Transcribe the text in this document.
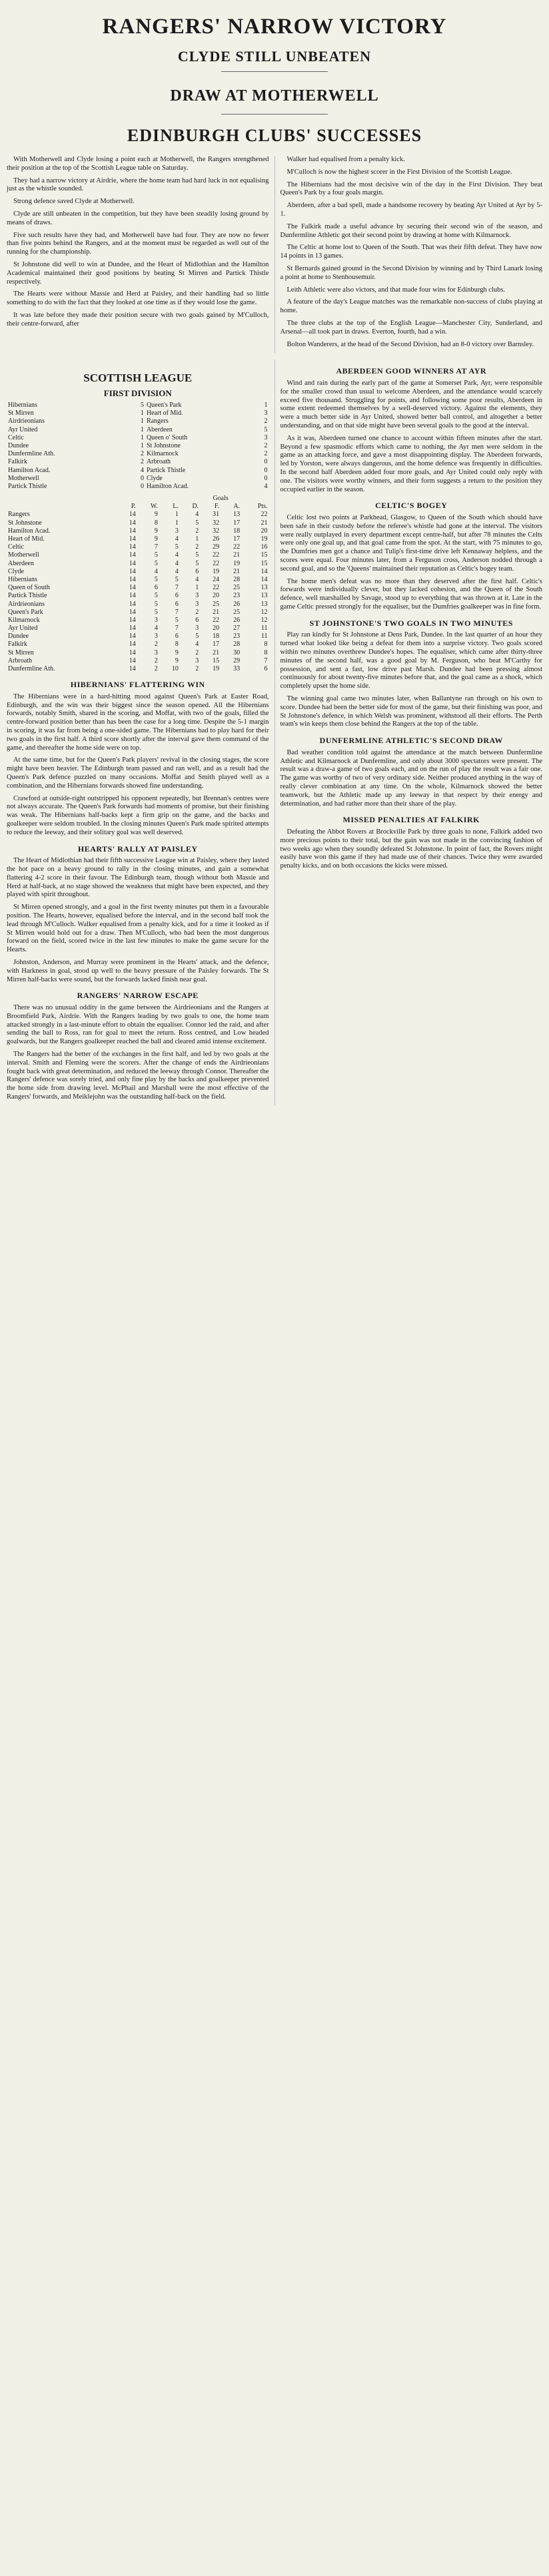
RANGERS' NARROW VICTORY
CLYDE STILL UNBEATEN
DRAW AT MOTHERWELL
EDINBURGH CLUBS' SUCCESSES

With Motherwell and Clyde losing a point each at Motherwell, the Rangers strengthened their position at the top of the Scottish League table on Saturday.

They had a narrow victory at Airdrie, where the home team had hard luck in not equalising just as the whistle sounded.

Strong defence saved Clyde at Motherwell.

Clyde are still unbeaten in the competition, but they have been steadily losing ground by means of draws.

Five such results have they had, and Motherwell have had four. They are now no fewer than five points behind the Rangers, and at the moment must be regarded as well out of the running for the championship.

St Johnstone did well to win at Dundee, and the Heart of Midlothian and the Hamilton Academical maintained their good positions by beating St Mirren and Partick Thistle respectively.

The Hearts were without Massie and Herd at Paisley, and their handling had so little something to do with the fact that they looked at one time as if they would lose the game.

It was late before they made their position secure with two goals gained by M'Culloch, their centre-forward, after

Walker had equalised from a penalty kick.

M'Culloch is now the highest scorer in the First Division of the Scottish League.

The Hibernians had the most decisive win of the day in the First Division. They beat Queen's Park by a four goals margin.

Aberdeen, after a bad spell, made a handsome recovery by beating Ayr United at Ayr by 5-1.

The Falkirk made a useful advance by securing their second win of the season, and Dunfermline Athletic got their second point by drawing at home with Kilmarnock.

The Celtic at home lost to Queen of the South. That was their fifth defeat. They have now 14 points in 13 games.

St Bernards gained ground in the Second Division by winning and by Third Lanark losing a point at home to Stenhousemuir.

Leith Athletic were also victors, and that made four wins for Edinburgh clubs.

A feature of the day's League matches was the remarkable non-success of clubs playing at home.

The three clubs at the top of the English League—Manchester City, Sunderland, and Arsenal—all took part in draws. Everton, fourth, had a win.

Bolton Wanderers, at the head of the Second Division, had an 8-0 victory over Barnsley.

SCOTTISH LEAGUE
FIRST DIVISION
Hibernians	5	Queen's Park	1
St Mirren	1	Heart of Mid.	3
Airdrieonians	1	Rangers	2
Ayr United	1	Aberdeen	5
Celtic	1	Queen o' South	3
Dundee	1	St Johnstone	2
Dunfermline Ath.	2	Kilmarnock	2
Falkirk	2	Arbroath	0
Hamilton Acad.	4	Partick Thistle	0
Motherwell	0	Clyde	0
Partick Thistle	0	Hamilton Acad.	4
					Goals		
	P.	W.	L.	D.	F.	A.	Pts.
Rangers	14	9	1	4	31	13	22
St Johnstone	14	8	1	5	32	17	21
Hamilton Acad.	14	9	3	2	32	18	20
Heart of Mid.	14	9	4	1	26	17	19
Celtic	14	7	5	2	29	22	16
Motherwell	14	5	4	5	22	21	15
Aberdeen	14	5	4	5	22	19	15
Clyde	14	4	4	6	19	21	14
Hibernians	14	5	5	4	24	28	14
Queen of South	14	6	7	1	22	25	13
Partick Thistle	14	5	6	3	20	23	13
Airdrieonians	14	5	6	3	25	26	13
Queen's Park	14	5	7	2	21	25	12
Kilmarnock	14	3	5	6	22	26	12
Ayr United	14	4	7	3	20	27	11
Dundee	14	3	6	5	18	23	11
Falkirk	14	2	8	4	17	28	8
St Mirren	14	3	9	2	21	30	8
Arbroath	14	2	9	3	15	29	7
Dunfermline Ath.	14	2	10	2	19	33	6
HIBERNIANS' FLATTERING WIN

The Hibernians were in a hard-hitting mood against Queen's Park at Easter Road, Edinburgh, and the win was their biggest since the season opened. All the Hibernians forwards, notably Smith, shared in the scoring, and Moffat, with two of the goals, filled the centre-forward position better than has been the case for a long time. Despite the 5-1 margin in scoring, it was far from being a one-sided game. The Hibernians had to play hard for their two goals in the first half. A third score shortly after the interval gave them command of the game, and thereafter the home side were on top.

At the same time, but for the Queen's Park players' revival in the closing stages, the score might have been heavier. The Edinburgh team passed and ran well, and as a result had the Queen's Park defence puzzled on many occasions. Moffat and Smith played well as a combination, and the Hibernians forwards showed fine understanding.

Crawford at outside-right outstripped his opponent repeatedly, but Brennan's centres were not always accurate. The Queen's Park forwards had moments of promise, but their finishing was weak. The Hibernians half-backs kept a firm grip on the game, and the backs and goalkeeper were seldom troubled. In the closing minutes Queen's Park made spirited attempts to reduce the leeway, and their solitary goal was well deserved.

HEARTS' RALLY AT PAISLEY

The Heart of Midlothian had their fifth successive League win at Paisley, where they lasted the hot pace on a heavy ground to rally in the closing minutes, and gain a somewhat flattering 4-2 score in their favour. The Edinburgh team, though without both Massie and Herd at half-back, at no stage showed the weakness that might have been expected, and they played with spirit throughout.

St Mirren opened strongly, and a goal in the first twenty minutes put them in a favourable position. The Hearts, however, equalised before the interval, and in the second half took the lead through M'Culloch. Walker equalised from a penalty kick, and for a time it looked as if St Mirren would hold out for a draw. Then M'Culloch, who had been the most dangerous forward on the field, scored twice in the last few minutes to make the game secure for the Hearts.

Johnston, Anderson, and Murray were prominent in the Hearts' attack, and the defence, with Harkness in goal, stood up well to the heavy pressure of the Paisley forwards. The St Mirren half-backs were sound, but the forwards lacked finish near goal.

RANGERS' NARROW ESCAPE

There was no unusual oddity in the game between the Airdrieonians and the Rangers at Broomfield Park, Airdrie. With the Rangers leading by two goals to one, the home team attacked strongly in a last-minute effort to obtain the equaliser. Connor led the raid, and after sending the ball to Ross, ran for goal to meet the return. Ross centred, and Low headed goalwards, but the Rangers goalkeeper reached the ball and cleared amid intense excitement.

The Rangers had the better of the exchanges in the first half, and led by two goals at the interval. Smith and Fleming were the scorers. After the change of ends the Airdrieonians fought back with great determination, and reduced the leeway through Connor. Thereafter the Rangers' defence was sorely tried, and only fine play by the backs and goalkeeper prevented the home side from drawing level. McPhail and Marshall were the most effective of the Rangers' forwards, and Meiklejohn was the outstanding half-back on the field.

ABERDEEN GOOD WINNERS AT AYR

Wind and rain during the early part of the game at Somerset Park, Ayr, were responsible for the smaller crowd than usual to welcome Aberdeen, and the attendance would scarcely exceed five thousand. Struggling for points, and following some poor results, Aberdeen in some extent redeemed themselves by a well-deserved victory. Against the elements, they were a much better side in Ayr United, showed better ball control, and altogether a better understanding, and on that side might have been several goals to the good at the interval.

As it was, Aberdeen turned one chance to account within fifteen minutes after the start. Beyond a few spasmodic efforts which came to nothing, the Ayr men were seldom in the game as an attacking force, and gave a most disappointing display. The Aberdeen forwards, led by Yorston, were always dangerous, and the home defence was frequently in difficulties. In the second half Aberdeen added four more goals, and Ayr United could only reply with one. The visitors were worthy winners, and their form suggests a return to the position they occupied earlier in the season.

CELTIC'S BOGEY

Celtic lost two points at Parkhead, Glasgow, to Queen of the South which should have been safe in their custody before the referee's whistle had gone at the interval. The visitors were really outplayed in every department except centre-half, but after 78 minutes the Celts were only one goal up, and that goal came from the spot. At the start, with 75 minutes to go, the Dumfries men got a chance and Tulip's first-time drive left Kennaway helpless, and the scores were equal. Four minutes later, from a Ferguson cross, Anderson nodded through a second goal, and so the 'Queens' maintained their reputation as Celtic's bogey team.

The home men's defeat was no more than they deserved after the first half. Celtic's forwards were individually clever, but they lacked cohesion, and the Queen of the South defence, well marshalled by Savage, stood up to everything that was thrown at it. Late in the game Celtic pressed strongly for the equaliser, but the Dumfries goalkeeper was in fine form.

ST JOHNSTONE'S TWO GOALS IN TWO MINUTES

Play ran kindly for St Johnstone at Dens Park, Dundee. In the last quarter of an hour they turned what looked like being a defeat for them into a surprise victory. Two goals scored within two minutes overthrew Dundee's hopes. The equaliser, which came after thirty-three minutes of the second half, was a good goal by M. Ferguson, who beat M'Carthy for possession, and sent a fast, low drive past Marsh. Dundee had been pressing almost continuously for about twenty-five minutes before that, and the goal came as a shock, which completely upset the home side.

The winning goal came two minutes later, when Ballantyne ran through on his own to score. Dundee had been the better side for most of the game, but their finishing was poor, and St Johnstone's defence, in which Welsh was prominent, withstood all their efforts. The Perth team's win keeps them close behind the Rangers at the top of the table.

DUNFERMLINE ATHLETIC'S SECOND DRAW

Bad weather condition told against the attendance at the match between Dunfermline Athletic and Kilmarnock at Dunfermline, and only about 3000 spectators were present. The result was a draw-a game of two goals each, and on the run of play the result was a fair one. The game was worthy of two of very ordinary side. Neither produced anything in the way of really clever combination at any time. On the whole, Kilmarnock showed the better teamwork, but the Athletic made up any leeway in that respect by their energy and determination, and had rather more than their share of the play.

MISSED PENALTIES AT FALKIRK

Defeating the Abbot Rovers at Brockville Park by three goals to none, Falkirk added two more precious points to their total, but the gain was not made in the convincing fashion of two weeks ago when they soundly defeated St Johnstone. In point of fact, the Rovers might easily have won this game if they had made use of their chances. Twice they were awarded penalty kicks, and on both occasions the kicks were missed.
